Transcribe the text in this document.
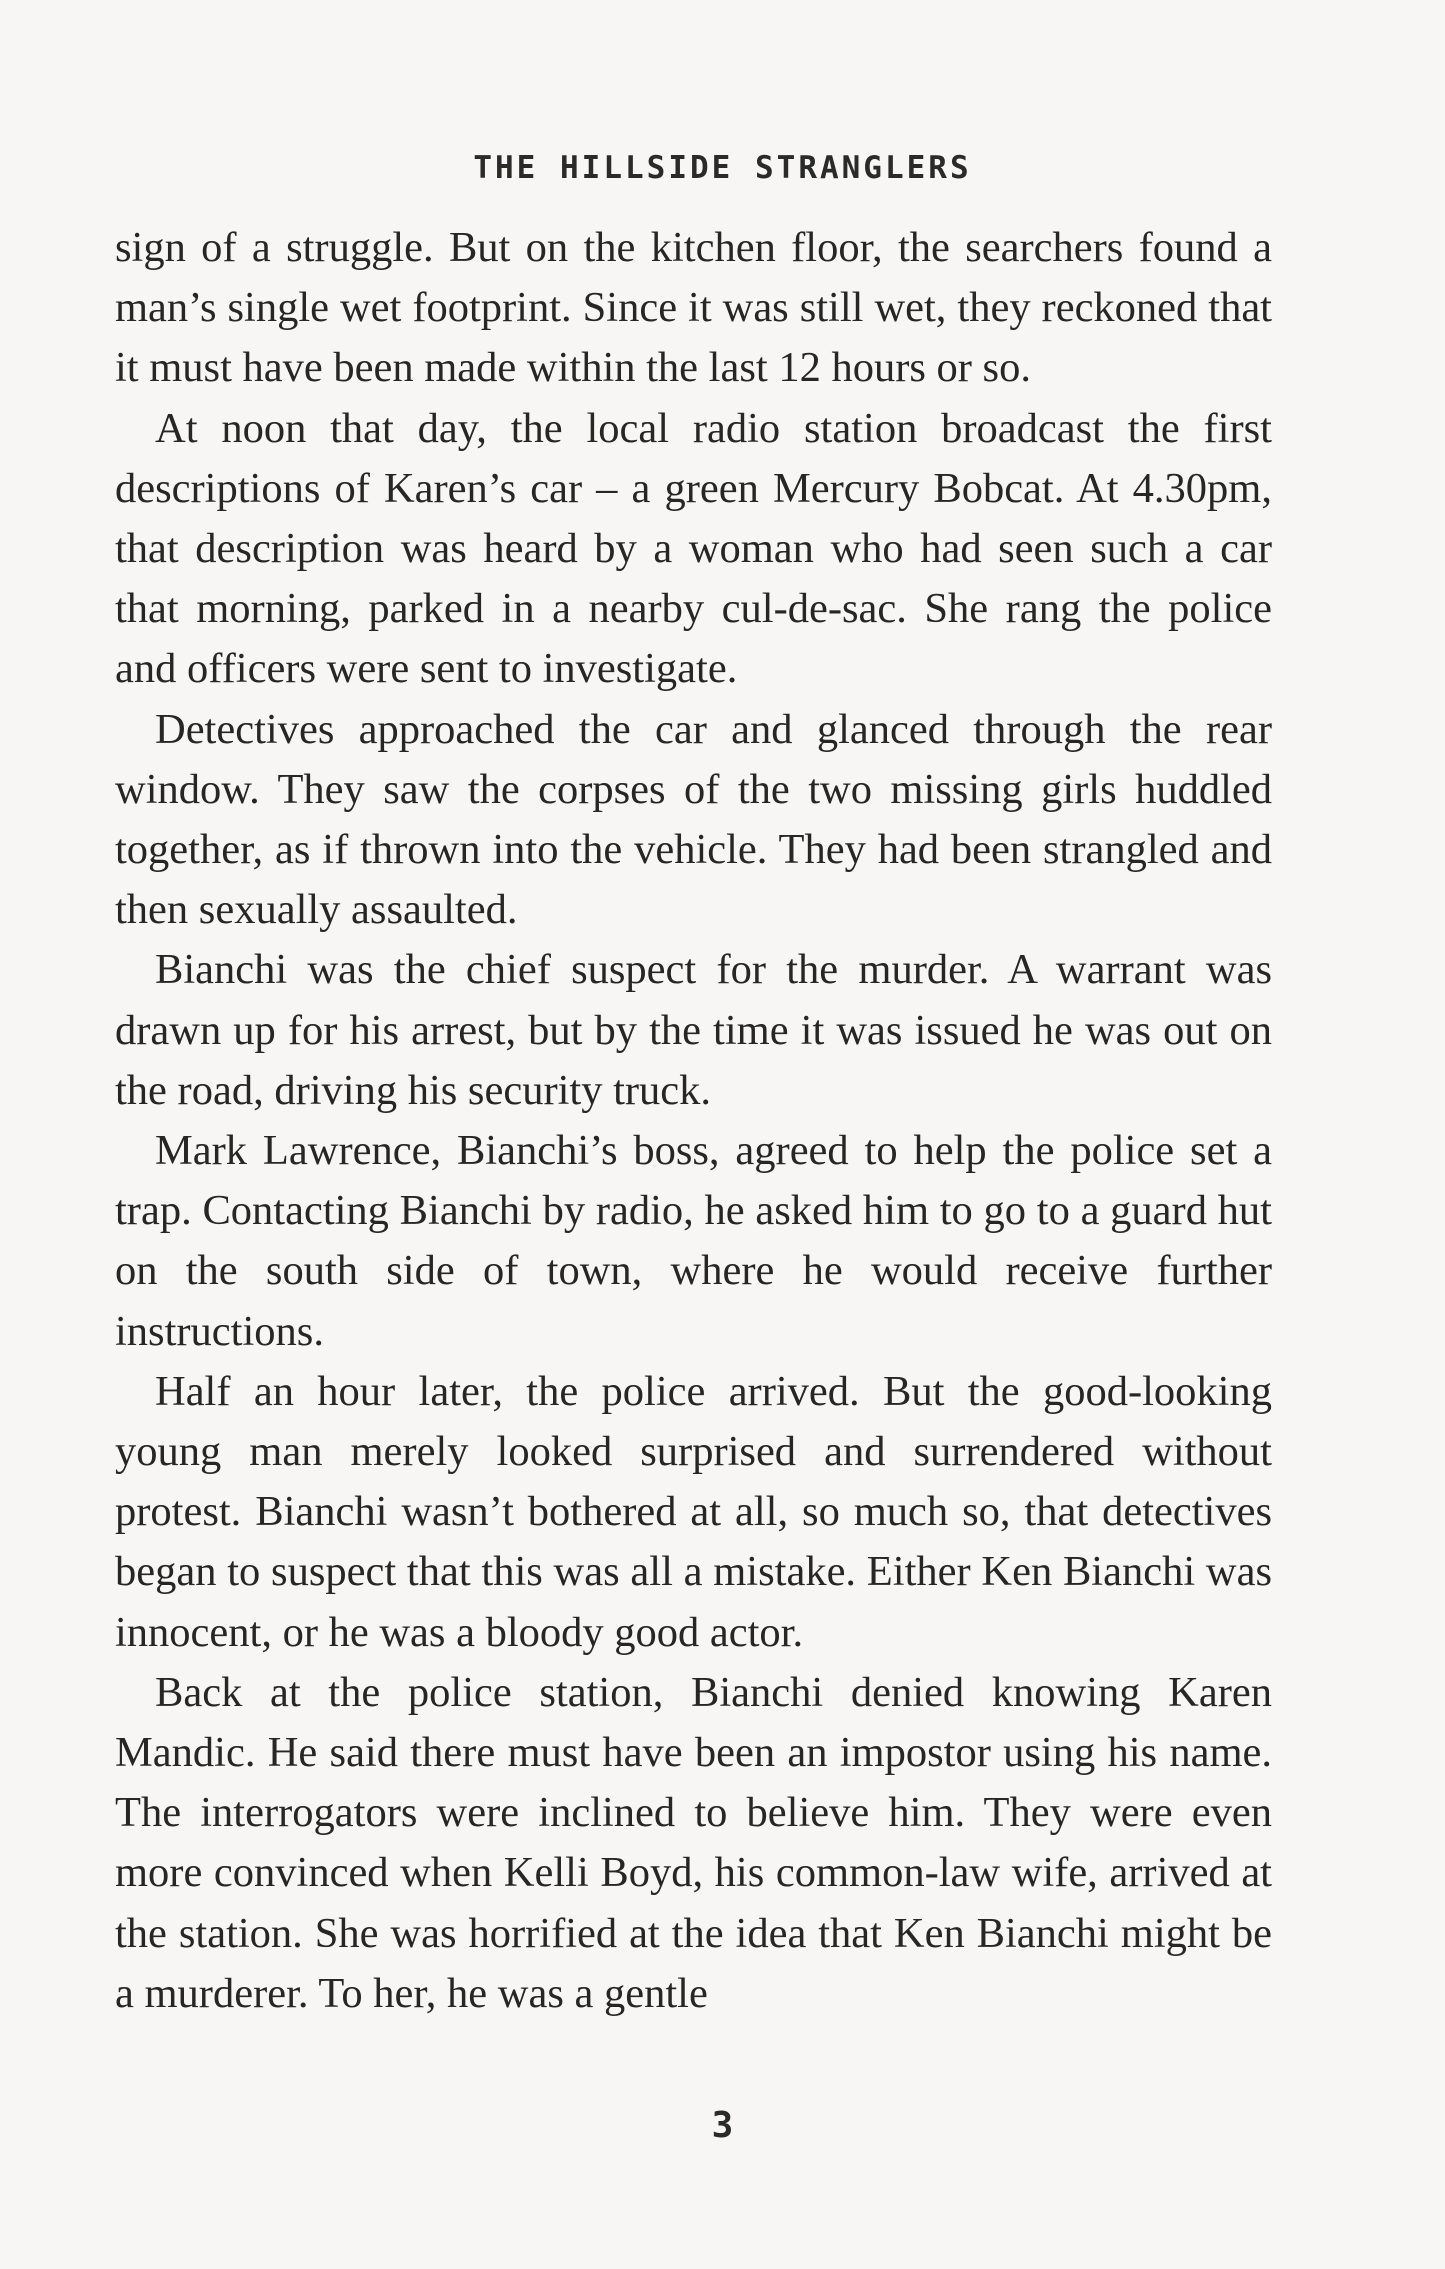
THE HILLSIDE STRANGLERS

sign of a struggle. But on the kitchen floor, the searchers found a man’s single wet footprint. Since it was still wet, they reckoned that it must have been made within the last 12 hours or so.

At noon that day, the local radio station broadcast the first descriptions of Karen’s car – a green Mercury Bobcat. At 4.30pm, that description was heard by a woman who had seen such a car that morning, parked in a nearby cul-de-sac. She rang the police and officers were sent to investigate.

Detectives approached the car and glanced through the rear window. They saw the corpses of the two missing girls huddled together, as if thrown into the vehicle. They had been strangled and then sexually assaulted.

Bianchi was the chief suspect for the murder. A warrant was drawn up for his arrest, but by the time it was issued he was out on the road, driving his security truck.

Mark Lawrence, Bianchi’s boss, agreed to help the police set a trap. Contacting Bianchi by radio, he asked him to go to a guard hut on the south side of town, where he would receive further instructions.

Half an hour later, the police arrived. But the good-looking young man merely looked surprised and surrendered without protest. Bianchi wasn’t bothered at all, so much so, that detectives began to suspect that this was all a mistake. Either Ken Bianchi was innocent, or he was a bloody good actor.

Back at the police station, Bianchi denied knowing Karen Mandic. He said there must have been an impostor using his name. The interrogators were inclined to believe him. They were even more convinced when Kelli Boyd, his common-law wife, arrived at the station. She was horrified at the idea that Ken Bianchi might be a murderer. To her, he was a gentle

3
